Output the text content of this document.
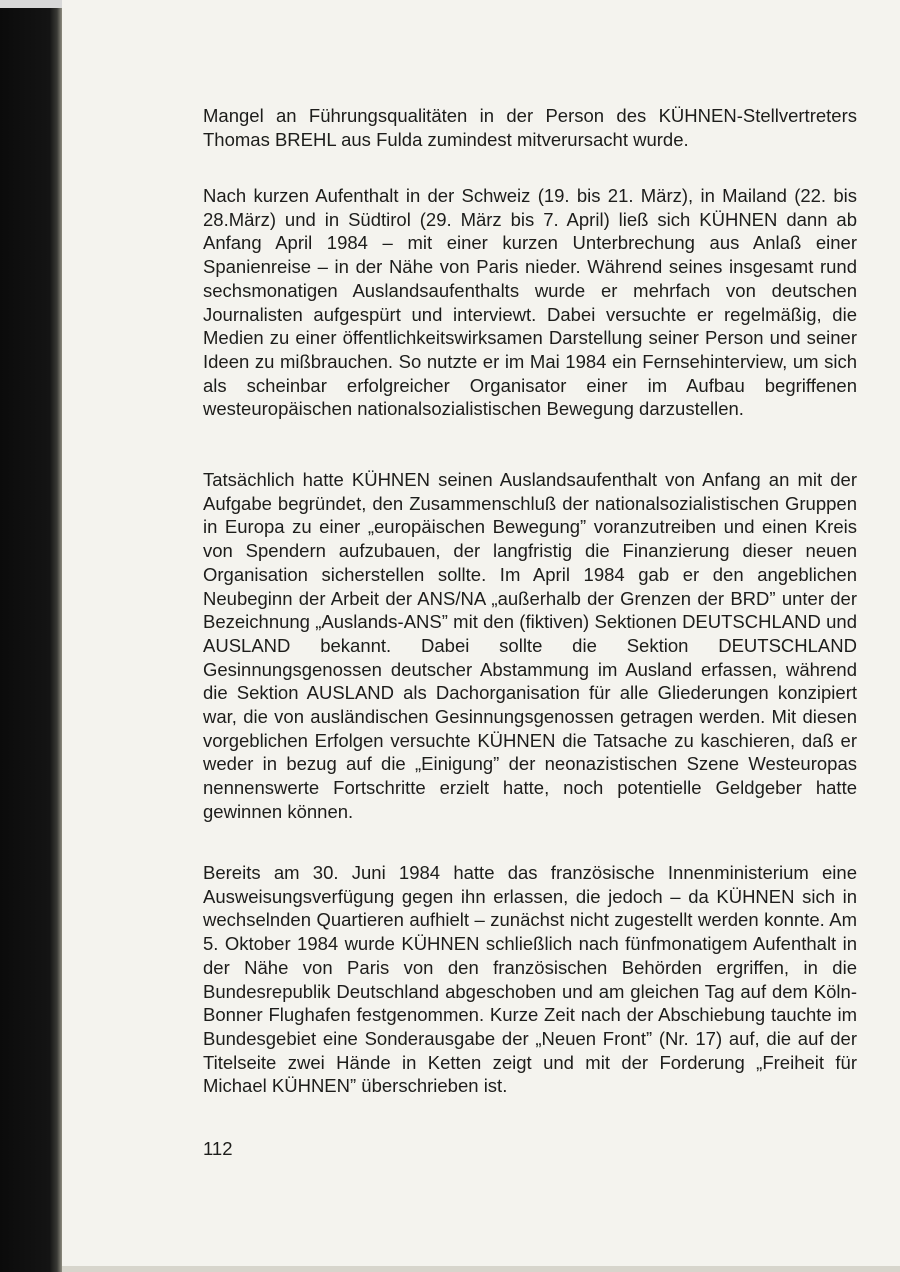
Mangel an Führungsqualitäten in der Person des KÜHNEN-Stellvertreters Thomas BREHL aus Fulda zumindest mitverursacht wurde.

Nach kurzen Aufenthalt in der Schweiz (19. bis 21. März), in Mailand (22. bis 28.März) und in Südtirol (29. März bis 7. April) ließ sich KÜHNEN dann ab Anfang April 1984 – mit einer kurzen Unterbrechung aus Anlaß einer Spanienreise – in der Nähe von Paris nieder. Während seines insgesamt rund sechsmonatigen Auslandsaufenthalts wurde er mehrfach von deutschen Journalisten aufgespürt und interviewt. Dabei versuchte er regelmäßig, die Medien zu einer öffentlichkeitswirksamen Darstellung seiner Person und seiner Ideen zu mißbrauchen. So nutzte er im Mai 1984 ein Fernsehinterview, um sich als scheinbar erfolgreicher Organisator einer im Aufbau begriffenen westeuropäischen nationalsozialistischen Bewegung darzustellen.

Tatsächlich hatte KÜHNEN seinen Auslandsaufenthalt von Anfang an mit der Aufgabe begründet, den Zusammenschluß der nationalsozialistischen Gruppen in Europa zu einer „europäischen Bewegung” voranzutreiben und einen Kreis von Spendern aufzubauen, der langfristig die Finanzierung dieser neuen Organisation sicherstellen sollte. Im April 1984 gab er den angeblichen Neubeginn der Arbeit der ANS/NA „außerhalb der Grenzen der BRD” unter der Bezeichnung „Auslands-ANS” mit den (fiktiven) Sektionen DEUTSCHLAND und AUSLAND bekannt. Dabei sollte die Sektion DEUTSCHLAND Gesinnungsgenossen deutscher Abstammung im Ausland erfassen, während die Sektion AUSLAND als Dachorganisation für alle Gliederungen konzipiert war, die von ausländischen Gesinnungsgenossen getragen werden. Mit diesen vorgeblichen Erfolgen versuchte KÜHNEN die Tatsache zu kaschieren, daß er weder in bezug auf die „Einigung” der neonazistischen Szene Westeuropas nennenswerte Fortschritte erzielt hatte, noch potentielle Geldgeber hatte gewinnen können.

Bereits am 30. Juni 1984 hatte das französische Innenministerium eine Ausweisungsverfügung gegen ihn erlassen, die jedoch – da KÜHNEN sich in wechselnden Quartieren aufhielt – zunächst nicht zugestellt werden konnte. Am 5. Oktober 1984 wurde KÜHNEN schließlich nach fünfmonatigem Aufenthalt in der Nähe von Paris von den französischen Behörden ergriffen, in die Bundesrepublik Deutschland abgeschoben und am gleichen Tag auf dem Köln-Bonner Flughafen festgenommen. Kurze Zeit nach der Abschiebung tauchte im Bundesgebiet eine Sonderausgabe der „Neuen Front” (Nr. 17) auf, die auf der Titelseite zwei Hände in Ketten zeigt und mit der Forderung „Freiheit für Michael KÜHNEN” überschrieben ist.

112
